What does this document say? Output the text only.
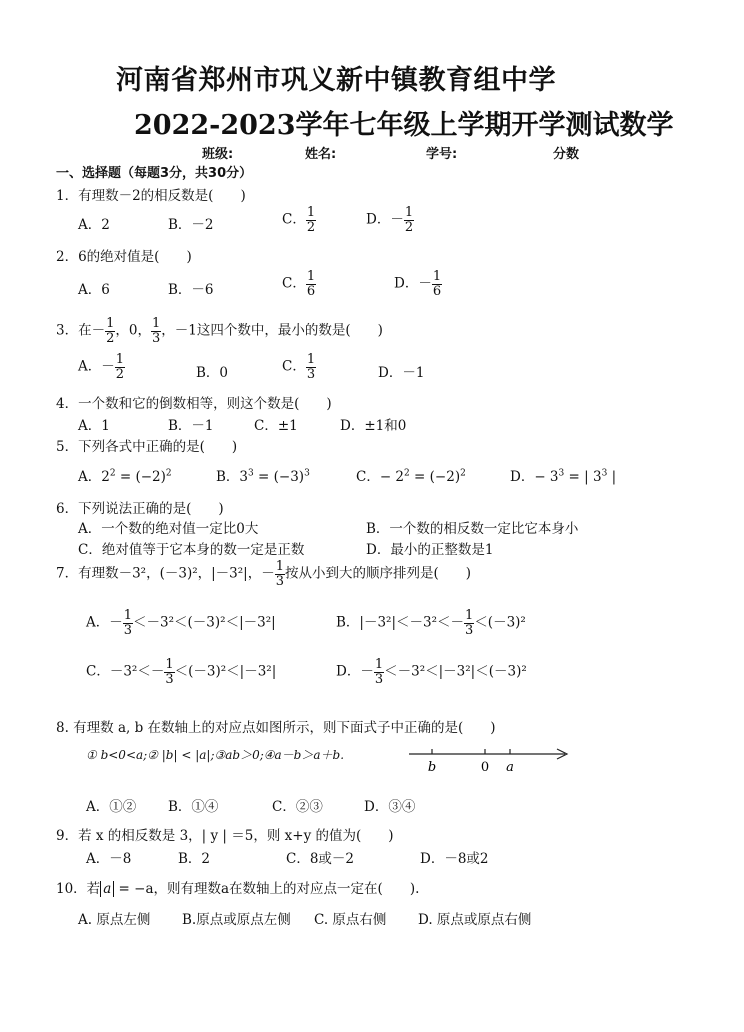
河南省郑州市巩义新中镇教育组中学
2022-2023学年七年级上学期开学测试数学
班级:	姓名:	学号:	分数
一、选择题（每题3分，共30分）
1．有理数－2的相反数是(　　)
A．2	B．－2	C． $\frac{1}{2}$	D．－ $\frac{1}{2}$
2．6的绝对值是(　　)
A．6	B．－6	C． $\frac{1}{6}$	D．－ $\frac{1}{6}$
3．在－ $\frac{1}{2}$ ，0， $\frac{1}{3}$ ，－1这四个数中，最小的数是(　　)
A．－ $\frac{1}{2}$	B．0	C． $\frac{1}{3}$	D．－1
4．一个数和它的倒数相等，则这个数是(　　)
A．1	B．－1	C．±1	D．±1和0
5．下列各式中正确的是(　　)
A．$2^2 = (-2)^2$	B．$3^3 = (-3)^3$	C．− $2^2 = (-2)^2$	D．− $3^3$ = | $3^3$ |
6．下列说法正确的是(　　)
A．一个数的绝对值一定比0大	B．一个数的相反数一定比它本身小
C．绝对值等于它本身的数一定是正数	D．最小的正整数是1
7．有理数－3²，(－3)²，|－3²|，－ $\frac{1}{3}$ 按从小到大的顺序排列是(　　)
A．－ $\frac{1}{3} <-3^2<(-3)^2<|-3^2|$	B．$|-3^2|<-3^2<- \frac{1}{3} <(-3)^2$
C．$-3^2<- \frac{1}{3} <(-3)^2<|-3^2|$	D．－ $\frac{1}{3} <-3^2<|-3^2|<(-3)^2$
8. 有理数 a, b 在数轴上的对应点如图所示，则下面式子中正确的是(　　)
① b<0<a;② |b| < |a|;③ab＞0;④a－b＞a＋b.
b	0 a
A．①② B．①④	C．②③	D．③④
9．若 x 的相反数是 3，| y | ＝5，则 x+y 的值为(　　)
A．－8	B．2	C．8或－2	D．－8或2
10．若 a = −a，则有理数a在数轴上的对应点一定在(　　).
A. 原点左侧 B.原点或原点左侧 C. 原点右侧 D. 原点或原点右侧
